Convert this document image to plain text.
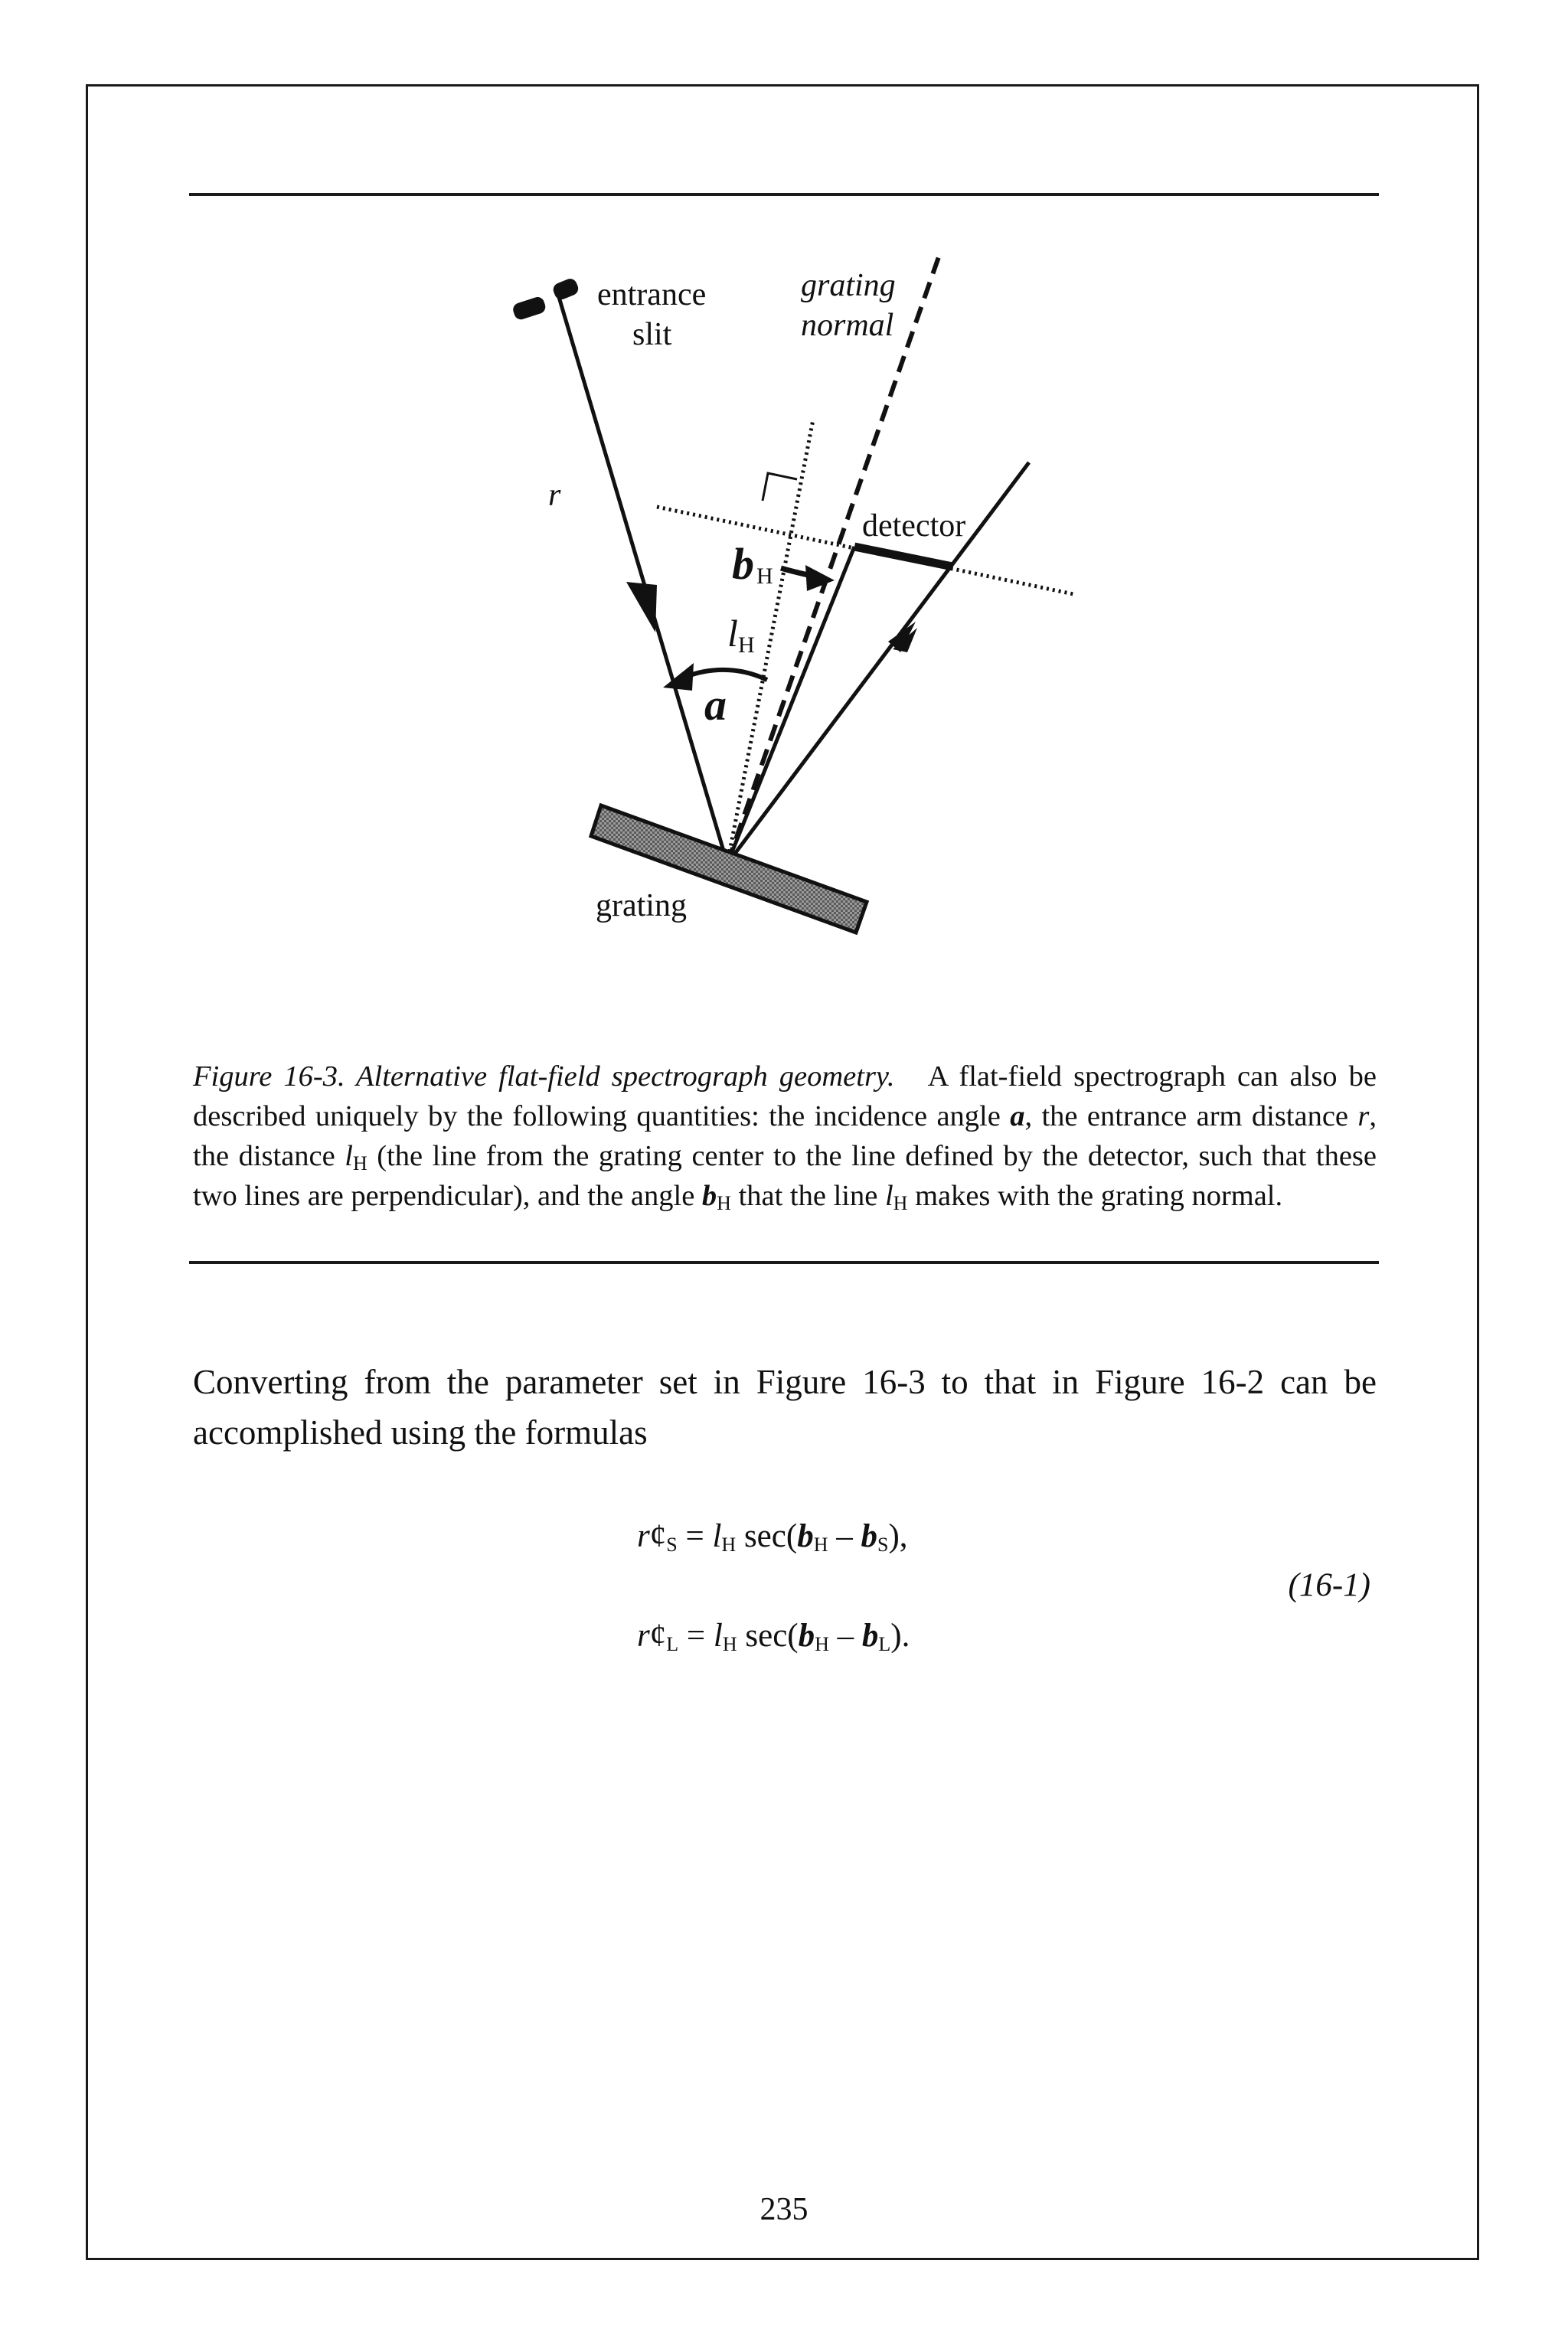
entrance
slit
grating
normal
r
detector
b H
l H
a
grating
Figure 16-3. Alternative flat-field spectrograph geometry. A flat-field spectrograph can also be described uniquely by the following quantities: the incidence angle a, the entrance arm distance r, the distance $l_H$ (the line from the grating center to the line defined by the detector, such that these two lines are perpendicular), and the angle $b_H$ that the line $l_H$ makes with the grating normal.
Converting from the parameter set in Figure 16-3 to that in Figure 16-2 can be accomplished using the formulas
$r¢_S = l_H$ $\sec(b_H - b_S)$,
(16-1)
$r¢_L = l_H$ $\sec(b_H - b_L)$.
235
